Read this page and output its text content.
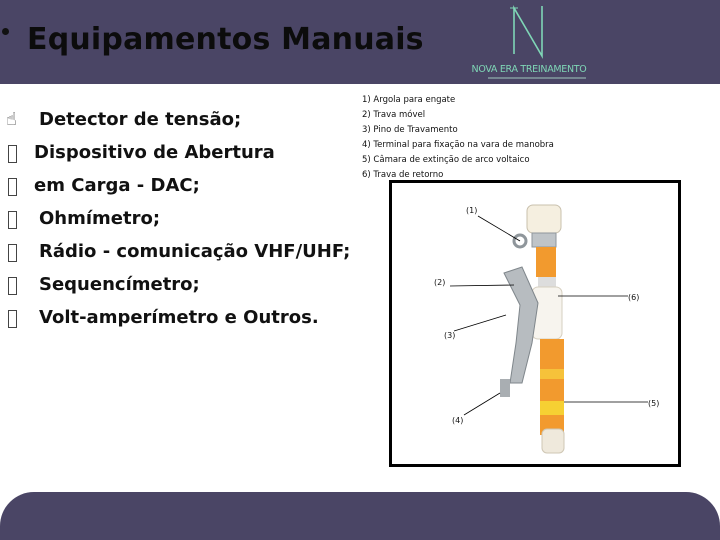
Equipamentos Manuais
NOVA ERA TREINAMENTO
☝ Detector de tensão;
Dispositivo de Abertura
em Carga - DAC;
Ohmímetro;
Rádio - comunicação VHF/UHF;
Sequencímetro;
Volt-amperímetro e Outros.
1) Argola para engate
2) Trava móvel
3) Pino de Travamento
4) Terminal para fixação na vara de manobra
5) Câmara de extinção de arco voltaico
6) Trava de retorno
(1)
(2)
(3)
(4)
(5)
(6)
